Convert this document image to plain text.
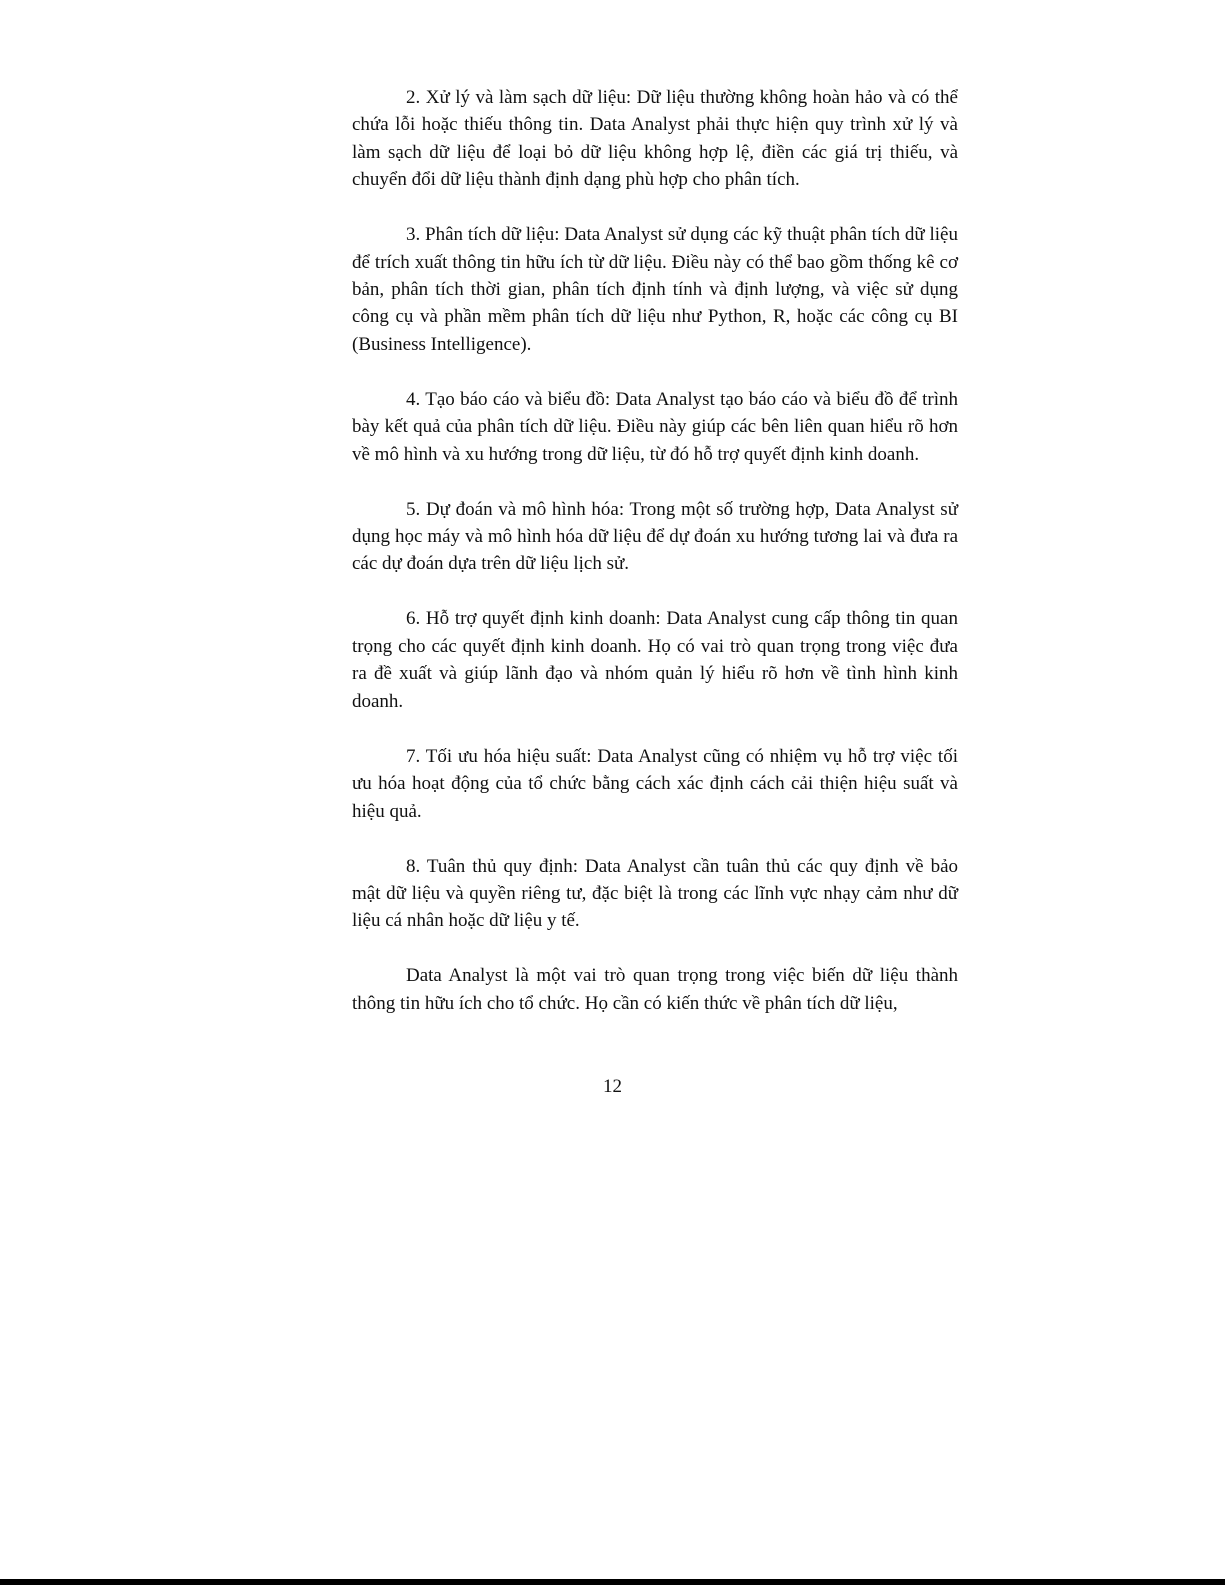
2. Xử lý và làm sạch dữ liệu: Dữ liệu thường không hoàn hảo và có thể chứa lỗi hoặc thiếu thông tin. Data Analyst phải thực hiện quy trình xử lý và làm sạch dữ liệu để loại bỏ dữ liệu không hợp lệ, điền các giá trị thiếu, và chuyển đổi dữ liệu thành định dạng phù hợp cho phân tích.

3. Phân tích dữ liệu: Data Analyst sử dụng các kỹ thuật phân tích dữ liệu để trích xuất thông tin hữu ích từ dữ liệu. Điều này có thể bao gồm thống kê cơ bản, phân tích thời gian, phân tích định tính và định lượng, và việc sử dụng công cụ và phần mềm phân tích dữ liệu như Python, R, hoặc các công cụ BI (Business Intelligence).

4. Tạo báo cáo và biểu đồ: Data Analyst tạo báo cáo và biểu đồ để trình bày kết quả của phân tích dữ liệu. Điều này giúp các bên liên quan hiểu rõ hơn về mô hình và xu hướng trong dữ liệu, từ đó hỗ trợ quyết định kinh doanh.

5. Dự đoán và mô hình hóa: Trong một số trường hợp, Data Analyst sử dụng học máy và mô hình hóa dữ liệu để dự đoán xu hướng tương lai và đưa ra các dự đoán dựa trên dữ liệu lịch sử.

6. Hỗ trợ quyết định kinh doanh: Data Analyst cung cấp thông tin quan trọng cho các quyết định kinh doanh. Họ có vai trò quan trọng trong việc đưa ra đề xuất và giúp lãnh đạo và nhóm quản lý hiểu rõ hơn về tình hình kinh doanh.

7. Tối ưu hóa hiệu suất: Data Analyst cũng có nhiệm vụ hỗ trợ việc tối ưu hóa hoạt động của tổ chức bằng cách xác định cách cải thiện hiệu suất và hiệu quả.

8. Tuân thủ quy định: Data Analyst cần tuân thủ các quy định về bảo mật dữ liệu và quyền riêng tư, đặc biệt là trong các lĩnh vực nhạy cảm như dữ liệu cá nhân hoặc dữ liệu y tế.

Data Analyst là một vai trò quan trọng trong việc biến dữ liệu thành thông tin hữu ích cho tổ chức. Họ cần có kiến thức về phân tích dữ liệu,

12
